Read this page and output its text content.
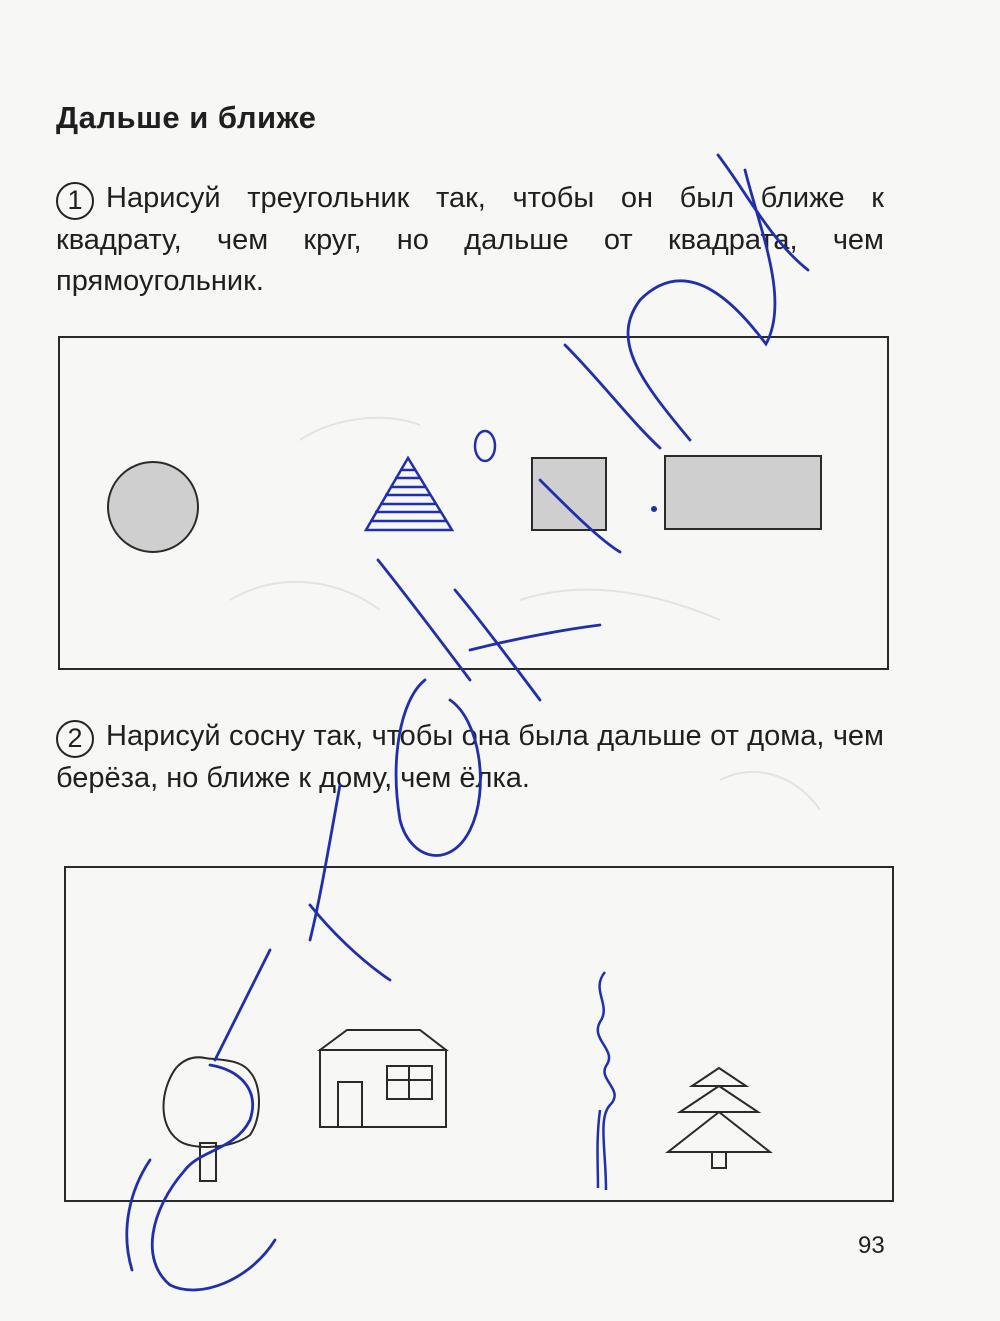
Дальше и ближе
1 Нарисуй треугольник так, чтобы он был ближе к квадрату, чем круг, но дальше от квадрата, чем прямоугольник.
2 Нарисуй сосну так, чтобы она была дальше от дома, чем берёза, но ближе к дому, чем ёлка.
93
